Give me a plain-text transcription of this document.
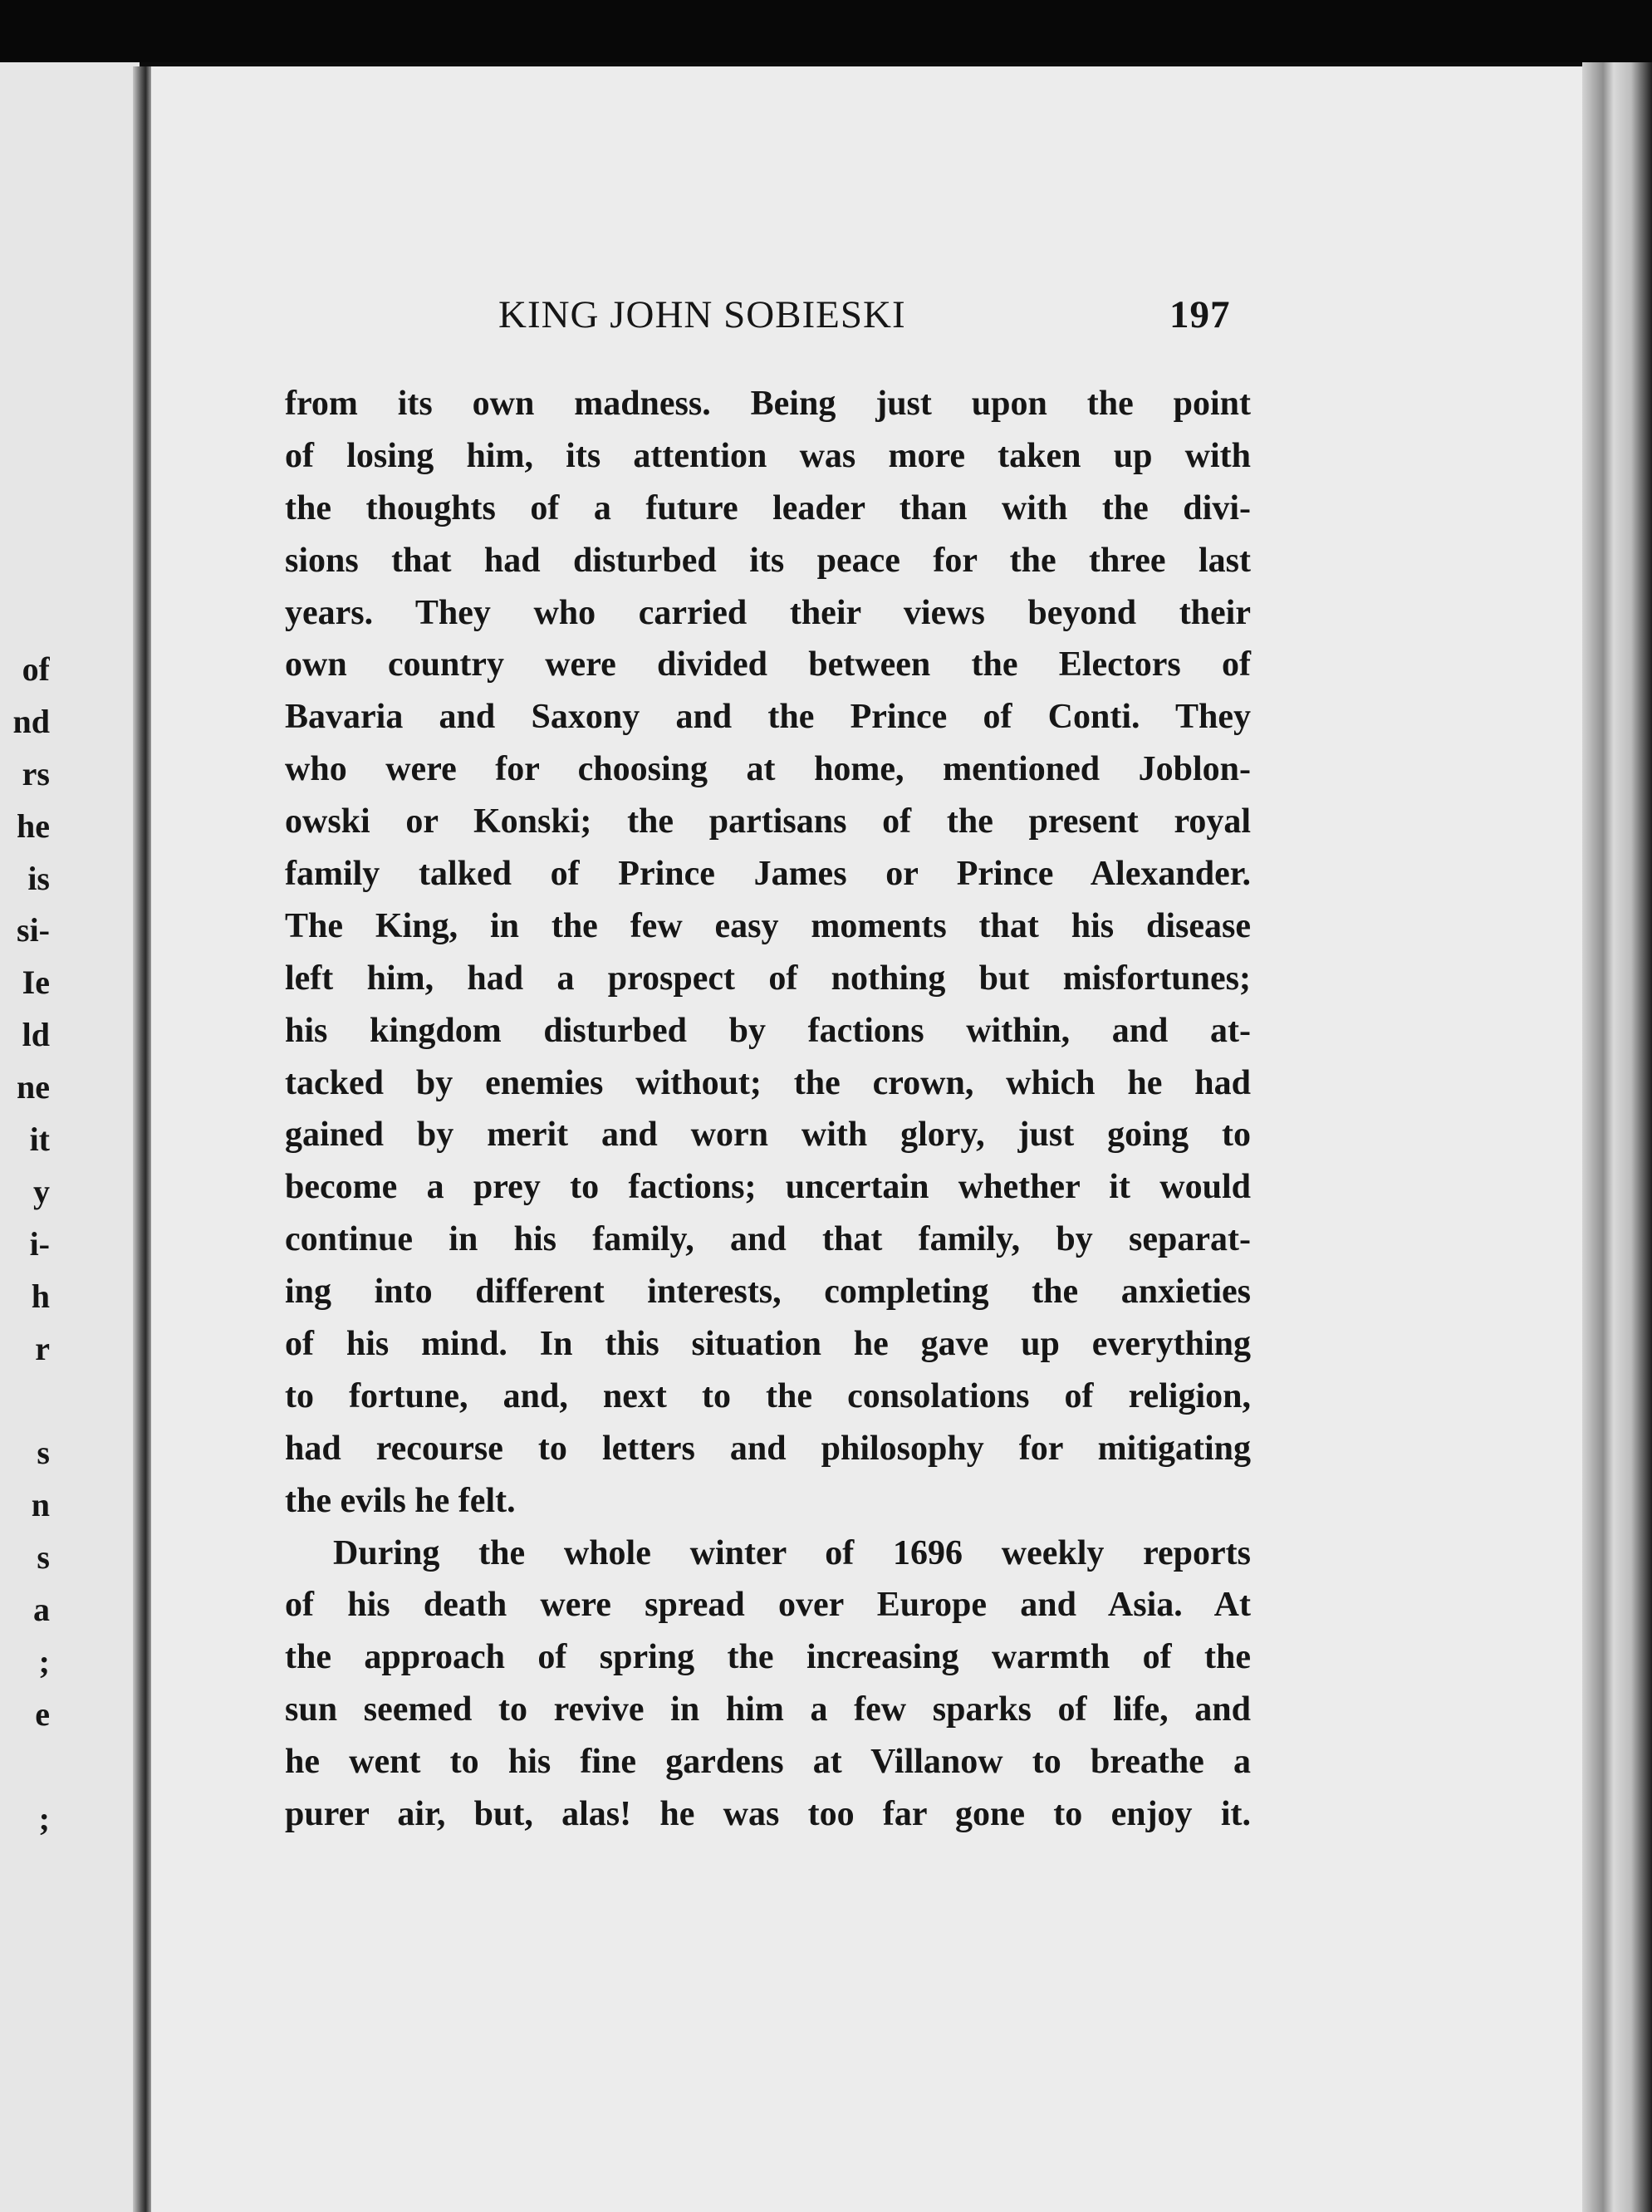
of
nd
rs
he
is
si-
Ie
ld
ne
it
y
i-
h
r
s
n
s
a
;
e
;
KING JOHN SOBIESKI	197
from its own madness. Being just upon the point
of losing him, its attention was more taken up with
the thoughts of a future leader than with the divi-
sions that had disturbed its peace for the three last
years. They who carried their views beyond their
own country were divided between the Electors of
Bavaria and Saxony and the Prince of Conti. They
who were for choosing at home, mentioned Joblon-
owski or Konski; the partisans of the present royal
family talked of Prince James or Prince Alexander.
The King, in the few easy moments that his disease
left him, had a prospect of nothing but misfortunes;
his kingdom disturbed by factions within, and at-
tacked by enemies without; the crown, which he had
gained by merit and worn with glory, just going to
become a prey to factions; uncertain whether it would
continue in his family, and that family, by separat-
ing into different interests, completing the anxieties
of his mind. In this situation he gave up everything
to fortune, and, next to the consolations of religion,
had recourse to letters and philosophy for mitigating
the evils he felt.
During the whole winter of 1696 weekly reports
of his death were spread over Europe and Asia. At
the approach of spring the increasing warmth of the
sun seemed to revive in him a few sparks of life, and
he went to his fine gardens at Villanow to breathe a
purer air, but, alas! he was too far gone to enjoy it.
